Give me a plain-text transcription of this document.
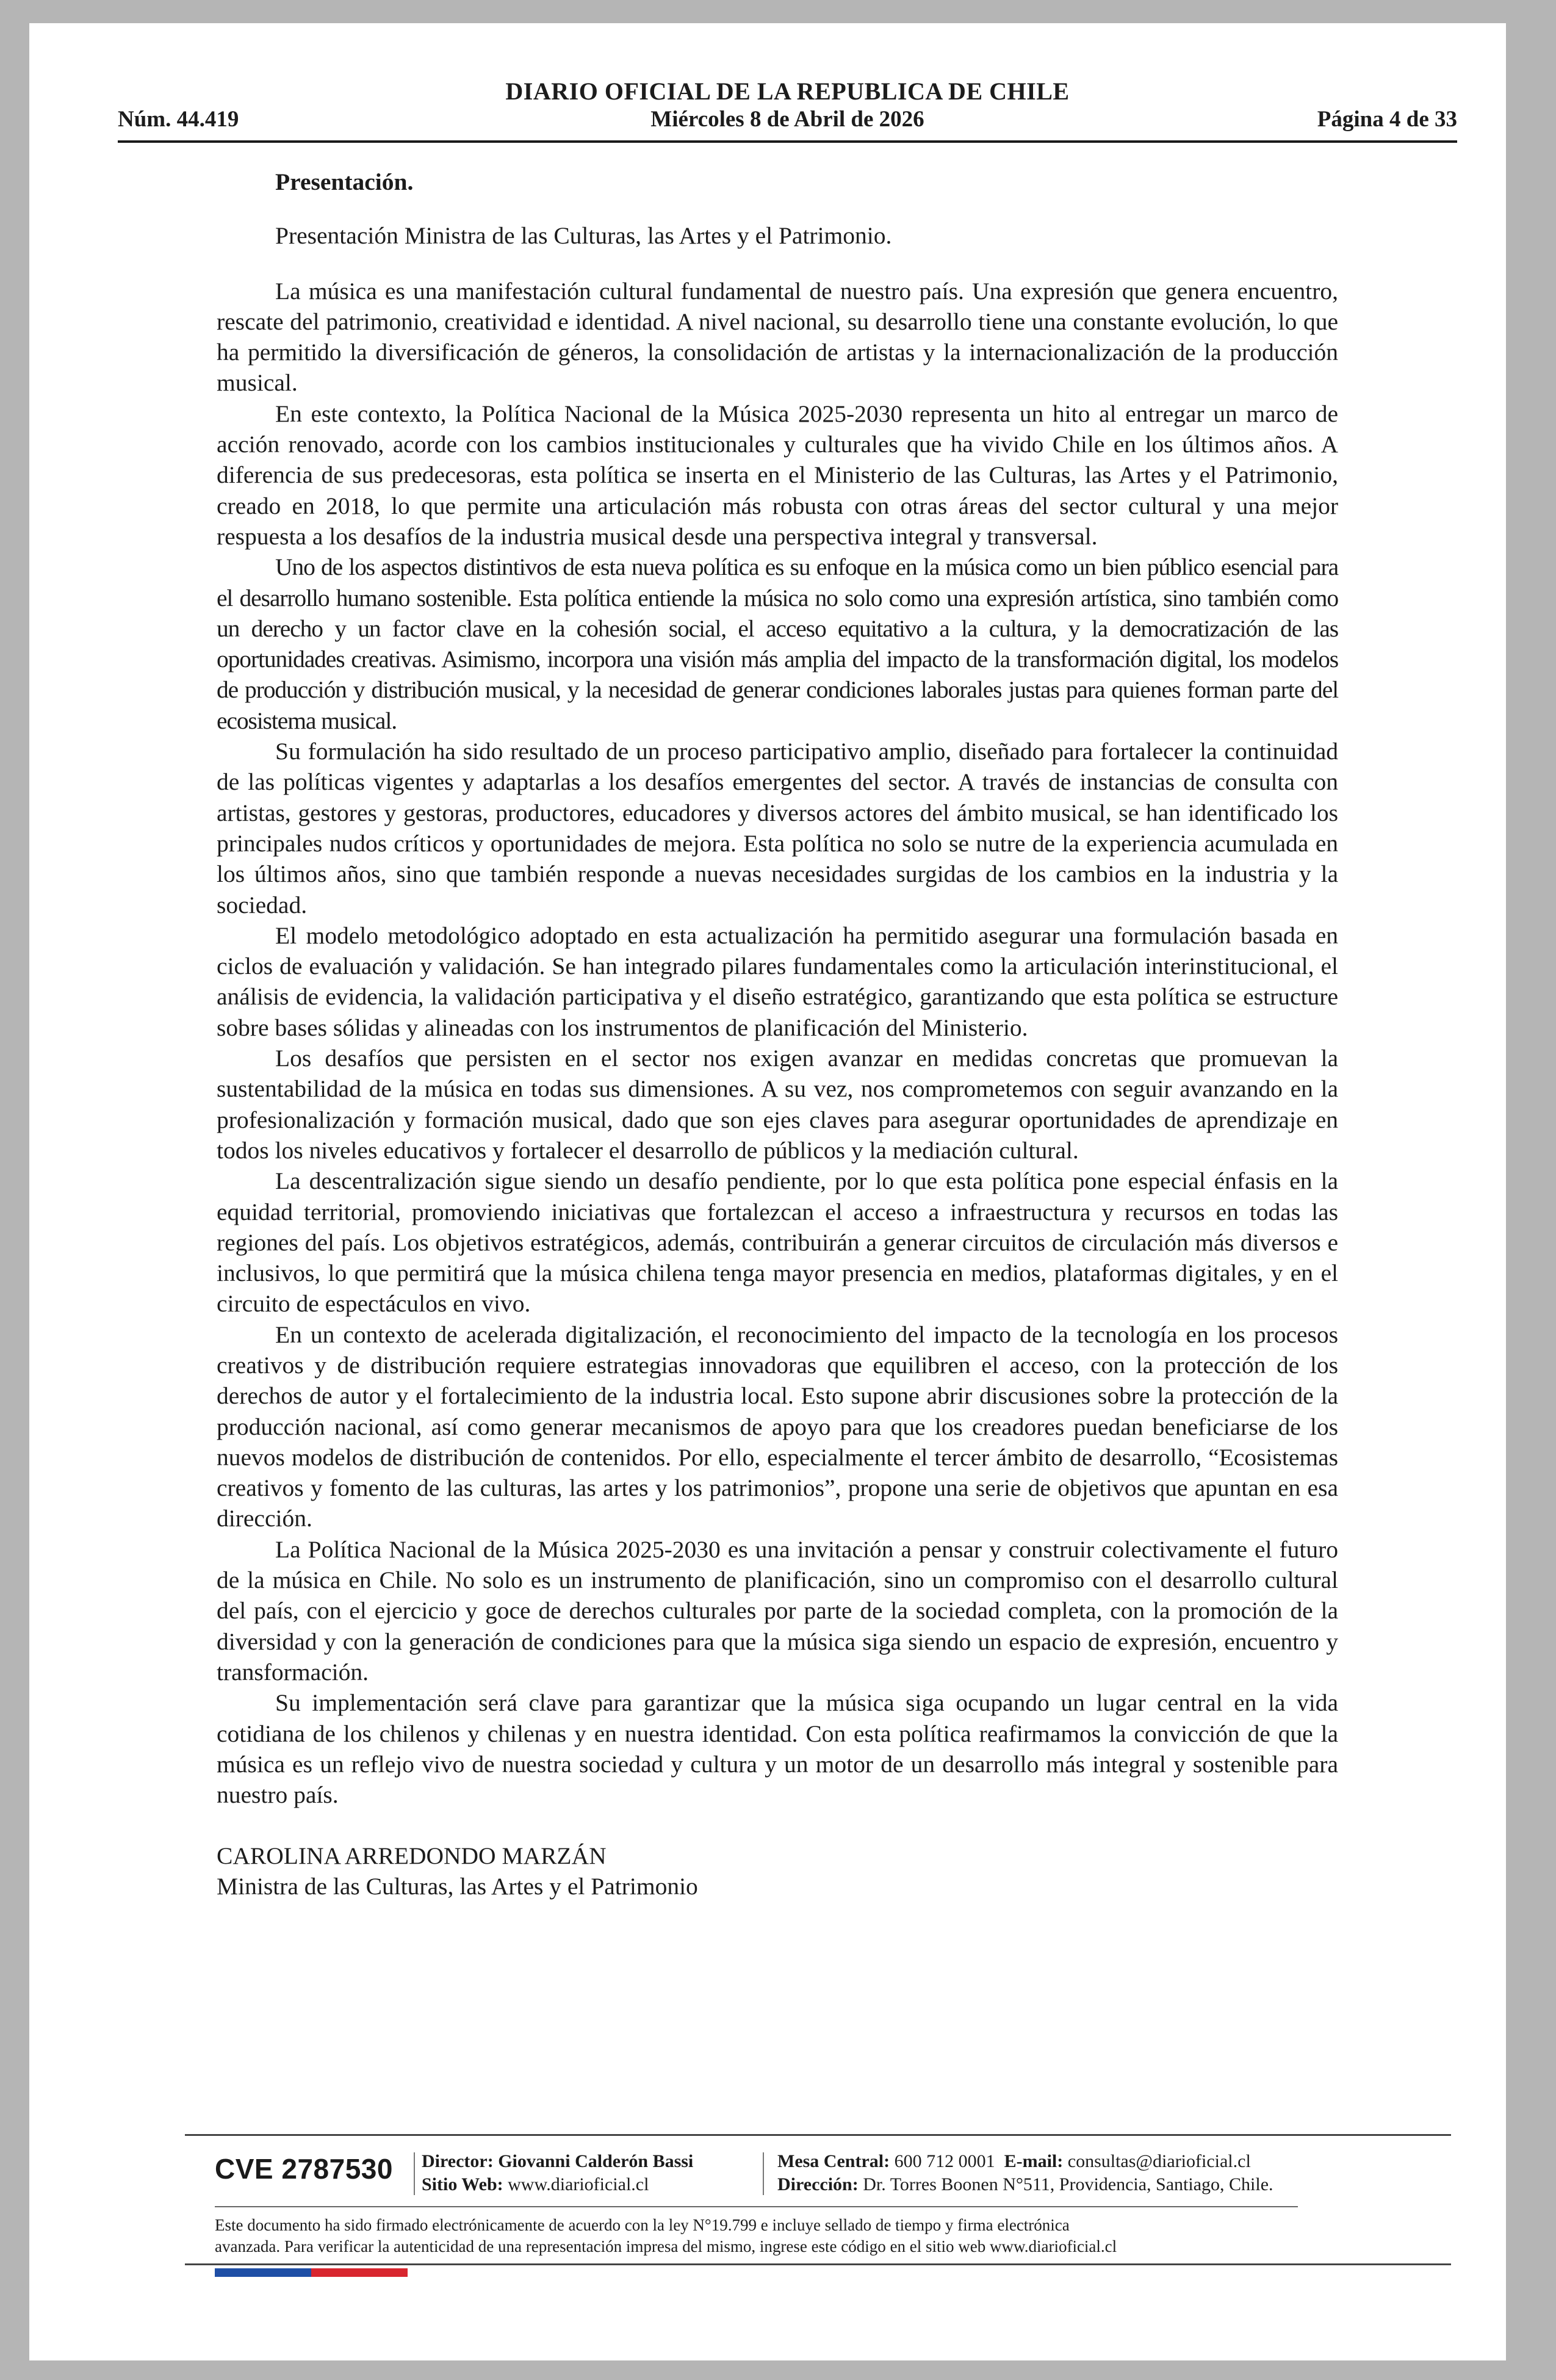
DIARIO OFICIAL DE LA REPUBLICA DE CHILE
Núm. 44.419	Miércoles 8 de Abril de 2026	Página 4 de 33

Presentación.

Presentación Ministra de las Culturas, las Artes y el Patrimonio.

La música es una manifestación cultural fundamental de nuestro país. Una expresión que genera encuentro, rescate del patrimonio, creatividad e identidad. A nivel nacional, su desarrollo tiene una constante evolución, lo que ha permitido la diversificación de géneros, la consolidación de artistas y la internacionalización de la producción musical.

En este contexto, la Política Nacional de la Música 2025-2030 representa un hito al entregar un marco de acción renovado, acorde con los cambios institucionales y culturales que ha vivido Chile en los últimos años. A diferencia de sus predecesoras, esta política se inserta en el Ministerio de las Culturas, las Artes y el Patrimonio, creado en 2018, lo que permite una articulación más robusta con otras áreas del sector cultural y una mejor respuesta a los desafíos de la industria musical desde una perspectiva integral y transversal.

Uno de los aspectos distintivos de esta nueva política es su enfoque en la música como un bien público esencial para el desarrollo humano sostenible. Esta política entiende la música no solo como una expresión artística, sino también como un derecho y un factor clave en la cohesión social, el acceso equitativo a la cultura, y la democratización de las oportunidades creativas. Asimismo, incorpora una visión más amplia del impacto de la transformación digital, los modelos de producción y distribución musical, y la necesidad de generar condiciones laborales justas para quienes forman parte del ecosistema musical.

Su formulación ha sido resultado de un proceso participativo amplio, diseñado para fortalecer la continuidad de las políticas vigentes y adaptarlas a los desafíos emergentes del sector. A través de instancias de consulta con artistas, gestores y gestoras, productores, educadores y diversos actores del ámbito musical, se han identificado los principales nudos críticos y oportunidades de mejora. Esta política no solo se nutre de la experiencia acumulada en los últimos años, sino que también responde a nuevas necesidades surgidas de los cambios en la industria y la sociedad.

El modelo metodológico adoptado en esta actualización ha permitido asegurar una formulación basada en ciclos de evaluación y validación. Se han integrado pilares fundamentales como la articulación interinstitucional, el análisis de evidencia, la validación participativa y el diseño estratégico, garantizando que esta política se estructure sobre bases sólidas y alineadas con los instrumentos de planificación del Ministerio.

Los desafíos que persisten en el sector nos exigen avanzar en medidas concretas que promuevan la sustentabilidad de la música en todas sus dimensiones. A su vez, nos comprometemos con seguir avanzando en la profesionalización y formación musical, dado que son ejes claves para asegurar oportunidades de aprendizaje en todos los niveles educativos y fortalecer el desarrollo de públicos y la mediación cultural.

La descentralización sigue siendo un desafío pendiente, por lo que esta política pone especial énfasis en la equidad territorial, promoviendo iniciativas que fortalezcan el acceso a infraestructura y recursos en todas las regiones del país. Los objetivos estratégicos, además, contribuirán a generar circuitos de circulación más diversos e inclusivos, lo que permitirá que la música chilena tenga mayor presencia en medios, plataformas digitales, y en el circuito de espectáculos en vivo.

En un contexto de acelerada digitalización, el reconocimiento del impacto de la tecnología en los procesos creativos y de distribución requiere estrategias innovadoras que equilibren el acceso, con la protección de los derechos de autor y el fortalecimiento de la industria local. Esto supone abrir discusiones sobre la protección de la producción nacional, así como generar mecanismos de apoyo para que los creadores puedan beneficiarse de los nuevos modelos de distribución de contenidos. Por ello, especialmente el tercer ámbito de desarrollo, “Ecosistemas creativos y fomento de las culturas, las artes y los patrimonios”, propone una serie de objetivos que apuntan en esa dirección.

La Política Nacional de la Música 2025-2030 es una invitación a pensar y construir colectivamente el futuro de la música en Chile. No solo es un instrumento de planificación, sino un compromiso con el desarrollo cultural del país, con el ejercicio y goce de derechos culturales por parte de la sociedad completa, con la promoción de la diversidad y con la generación de condiciones para que la música siga siendo un espacio de expresión, encuentro y transformación.

Su implementación será clave para garantizar que la música siga ocupando un lugar central en la vida cotidiana de los chilenos y chilenas y en nuestra identidad. Con esta política reafirmamos la convicción de que la música es un reflejo vivo de nuestra sociedad y cultura y un motor de un desarrollo más integral y sostenible para nuestro país.

CAROLINA ARREDONDO MARZÁN
Ministra de las Culturas, las Artes y el Patrimonio
CVE 2787530 Director: Giovanni Calderón Bassi
Sitio Web: www.diarioficial.cl
Mesa Central: 600 712 0001 E-mail: consultas@diarioficial.cl
Dirección: Dr. Torres Boonen N°511, Providencia, Santiago, Chile.
Este documento ha sido firmado electrónicamente de acuerdo con la ley N°19.799 e incluye sellado de tiempo y firma electrónica
avanzada. Para verificar la autenticidad de una representación impresa del mismo, ingrese este código en el sitio web www.diarioficial.cl
